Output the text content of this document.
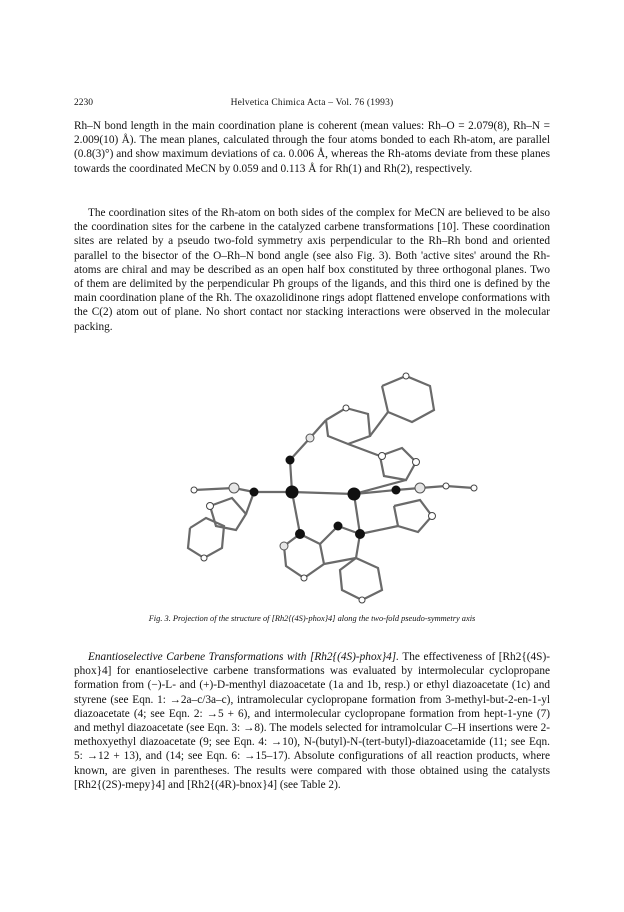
2230	Helvetica Chimica Acta – Vol. 76 (1993)

Rh–N bond length in the main coordination plane is coherent (mean values: Rh–O = 2.079(8), Rh–N = 2.009(10) Å). The mean planes, calculated through the four atoms bonded to each Rh-atom, are parallel (0.8(3)°) and show maximum deviations of ca. 0.006 Å, whereas the Rh-atoms deviate from these planes towards the coordinated MeCN by 0.059 and 0.113 Å for Rh(1) and Rh(2), respectively.

The coordination sites of the Rh-atom on both sides of the complex for MeCN are believed to be also the coordination sites for the carbene in the catalyzed carbene transformations [10]. These coordination sites are related by a pseudo two-fold symmetry axis perpendicular to the Rh–Rh bond and oriented parallel to the bisector of the O–Rh–N bond angle (see also Fig. 3). Both 'active sites' around the Rh-atoms are chiral and may be described as an open half box constituted by three orthogonal planes. Two of them are delimited by the perpendicular Ph groups of the ligands, and this third one is defined by the main coordination plane of the Rh. The oxazolidinone rings adopt flattened envelope conformations with the C(2) atom out of plane. No short contact nor stacking interactions were observed in the molecular packing.

Fig. 3. Projection of the structure of [Rh2{(4S)-phox}4] along the two-fold pseudo-symmetry axis

Enantioselective Carbene Transformations with [Rh2{(4S)-phox}4]. The effectiveness of [Rh2{(4S)-phox}4] for enantioselective carbene transformations was evaluated by intermolecular cyclopropane formation from (−)-L- and (+)-D-menthyl diazoacetate (1a and 1b, resp.) or ethyl diazoacetate (1c) and styrene (see Eqn. 1: →2a–c/3a–c), intramolecular cyclopropane formation from 3-methyl-but-2-en-1-yl diazoacetate (4; see Eqn. 2: →5 + 6), and intermolecular cyclopropane formation from hept-1-yne (7) and methyl diazoacetate (see Eqn. 3: →8). The models selected for intramolcular C–H insertions were 2-methoxyethyl diazoacetate (9; see Eqn. 4: →10), N-(butyl)-N-(tert-butyl)-diazoacetamide (11; see Eqn. 5: →12 + 13), and (14; see Eqn. 6: →15–17). Absolute configurations of all reaction products, where known, are given in parentheses. The results were compared with those obtained using the catalysts [Rh2{(2S)-mepy}4] and [Rh2{(4R)-bnox}4] (see Table 2).
